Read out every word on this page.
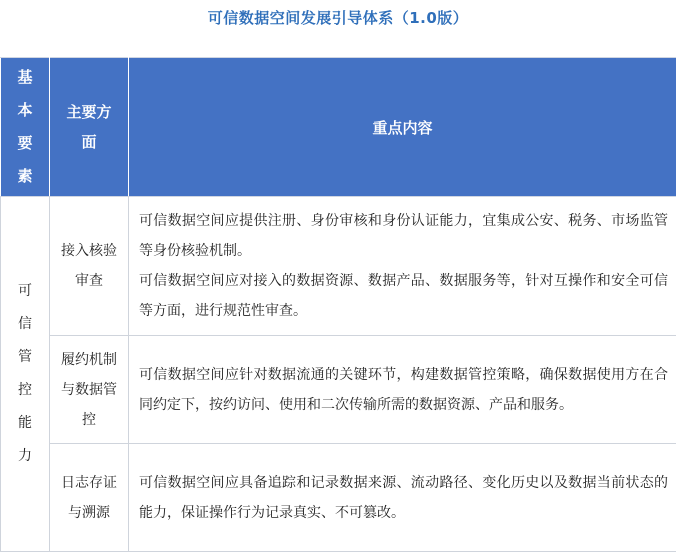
可信数据空间发展引导体系（1.0版）
基本要素	主要方面	重点内容
可信管控能力	接入核验审查	可信数据空间应提供注册、身份审核和身份认证能力，宜集成公安、税务、市场监管等身份核验机制。

可信数据空间应对接入的数据资源、数据产品、数据服务等，针对互操作和安全可信等方面，进行规范性审查。

	履约机制与数据管控	可信数据空间应针对数据流通的关键环节，构建数据管控策略，确保数据使用方在合同约定下，按约访问、使用和二次传输所需的数据资源、产品和服务。

	日志存证与溯源	可信数据空间应具备追踪和记录数据来源、流动路径、变化历史以及数据当前状态的能力，保证操作行为记录真实、不可篡改。
